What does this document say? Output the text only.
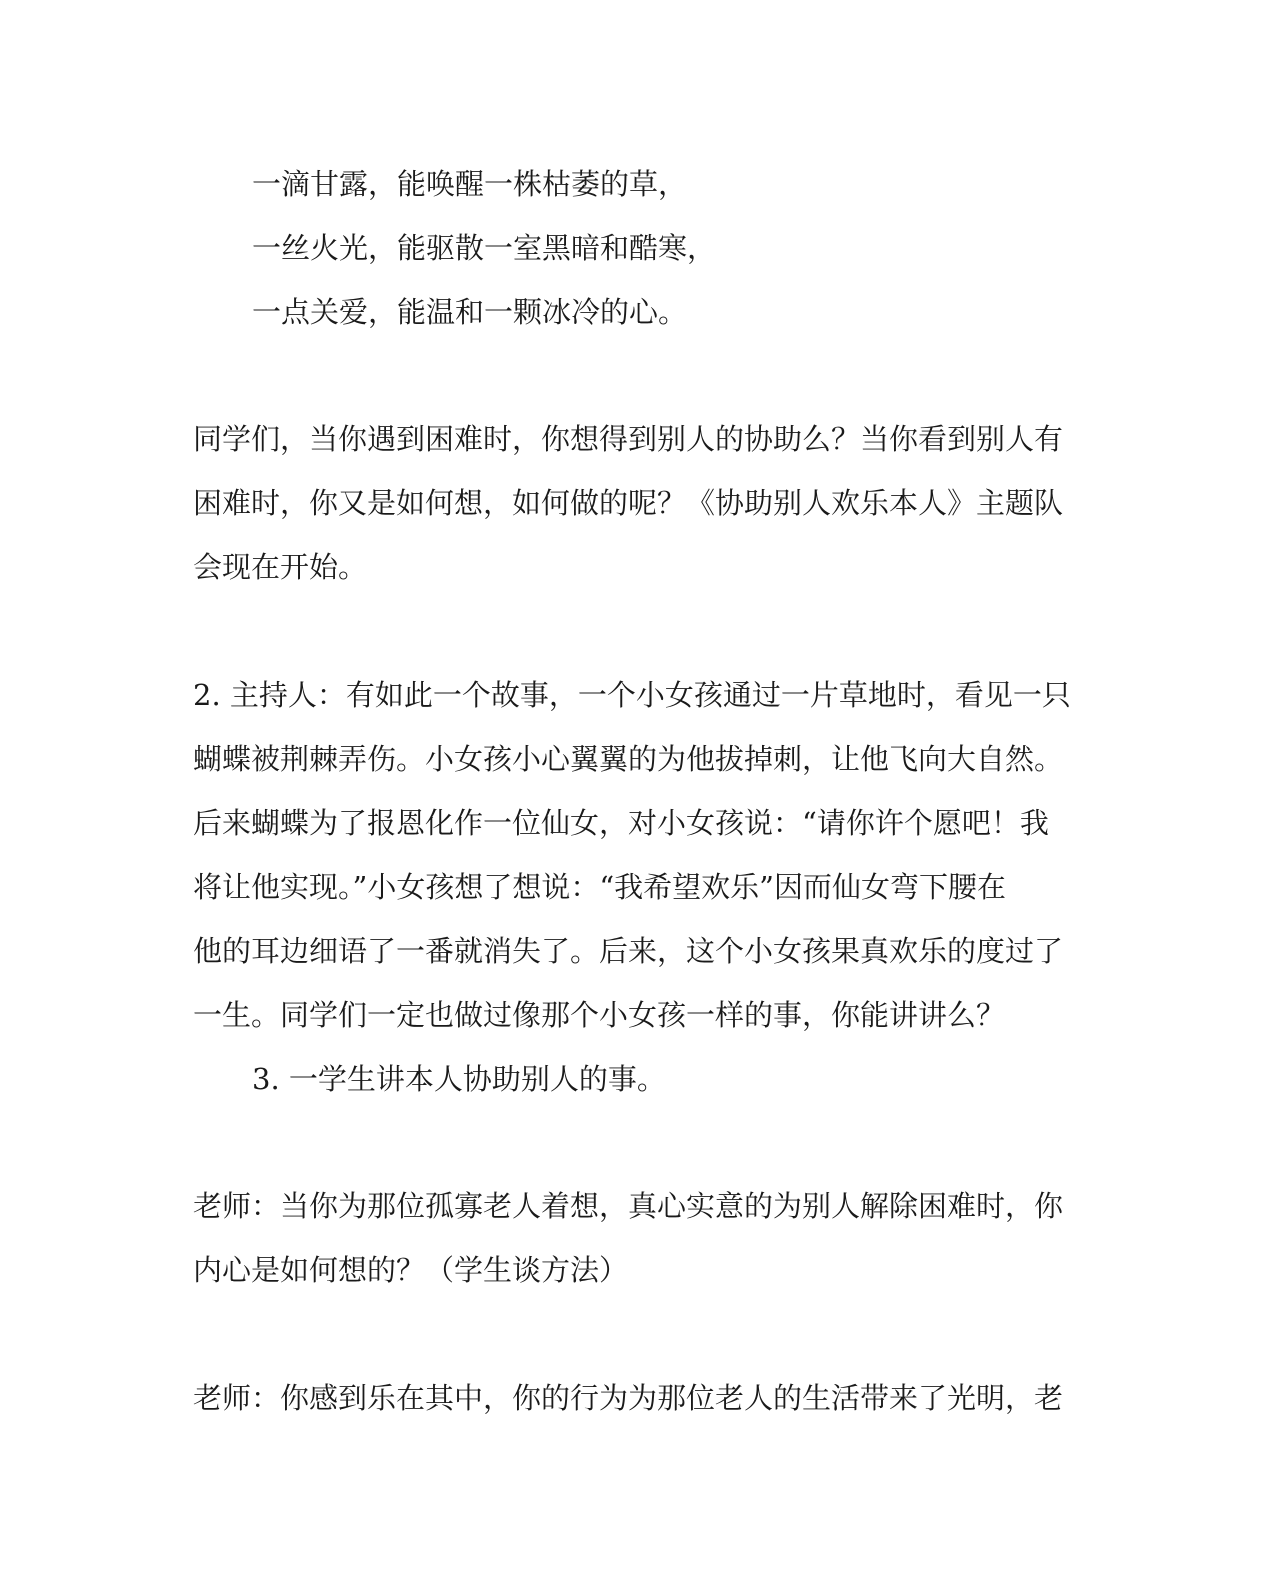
一滴甘露，能唤醒一株枯萎的草，

一丝火光，能驱散一室黑暗和酷寒，

一点关爱，能温和一颗冰冷的心。

同学们，当你遇到困难时，你想得到别人的协助么？当你看到别人有

困难时，你又是如何想，如何做的呢？《协助别人欢乐本人》主题队

会现在开始。

2. 主持人：有如此一个故事，一个小女孩通过一片草地时，看见一只

蝴蝶被荆棘弄伤。小女孩小心翼翼的为他拔掉刺，让他飞向大自然。

后来蝴蝶为了报恩化作一位仙女，对小女孩说：“请你许个愿吧！我

将让他实现。”小女孩想了想说：“我希望欢乐”因而仙女弯下腰在

他的耳边细语了一番就消失了。后来，这个小女孩果真欢乐的度过了

一生。同学们一定也做过像那个小女孩一样的事，你能讲讲么？

3. 一学生讲本人协助别人的事。

老师：当你为那位孤寡老人着想，真心实意的为别人解除困难时，你

内心是如何想的？（学生谈方法）

老师：你感到乐在其中，你的行为为那位老人的生活带来了光明，老
